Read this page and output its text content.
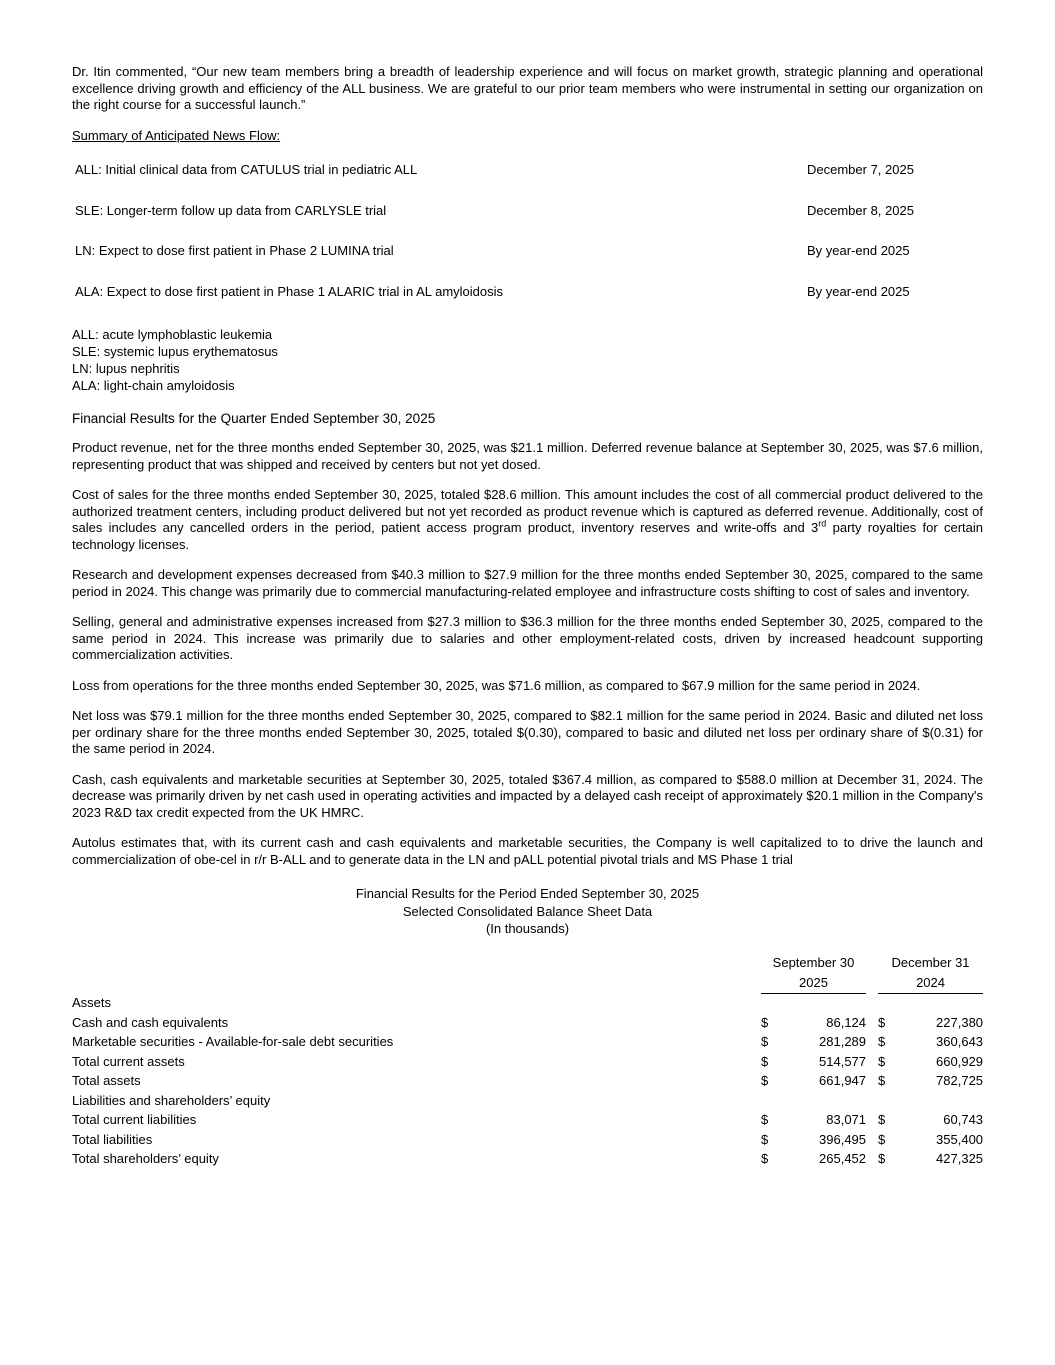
Dr. Itin commented, “Our new team members bring a breadth of leadership experience and will focus on market growth, strategic planning and operational excellence driving growth and efficiency of the ALL business. We are grateful to our prior team members who were instrumental in setting our organization on the right course for a successful launch.”

Summary of Anticipated News Flow:

ALL: Initial clinical data from CATULUS trial in pediatric ALL	December 7, 2025
SLE: Longer-term follow up data from CARLYSLE trial	December 8, 2025
LN: Expect to dose first patient in Phase 2 LUMINA trial	By year-end 2025
ALA: Expect to dose first patient in Phase 1 ALARIC trial in AL amyloidosis	By year-end 2025
ALL: acute lymphoblastic leukemia
SLE: systemic lupus erythematosus
LN: lupus nephritis
ALA: light-chain amyloidosis

Financial Results for the Quarter Ended September 30, 2025

Product revenue, net for the three months ended September 30, 2025, was $21.1 million. Deferred revenue balance at September 30, 2025, was $7.6 million, representing product that was shipped and received by centers but not yet dosed.

Cost of sales for the three months ended September 30, 2025, totaled $28.6 million. This amount includes the cost of all commercial product delivered to the authorized treatment centers, including product delivered but not yet recorded as product revenue which is captured as deferred revenue. Additionally, cost of sales includes any cancelled orders in the period, patient access program product, inventory reserves and write-offs and 3rd party royalties for certain technology licenses.

Research and development expenses decreased from $40.3 million to $27.9 million for the three months ended September 30, 2025, compared to the same period in 2024. This change was primarily due to commercial manufacturing-related employee and infrastructure costs shifting to cost of sales and inventory.

Selling, general and administrative expenses increased from $27.3 million to $36.3 million for the three months ended September 30, 2025, compared to the same period in 2024. This increase was primarily due to salaries and other employment-related costs, driven by increased headcount supporting commercialization activities.

Loss from operations for the three months ended September 30, 2025, was $71.6 million, as compared to $67.9 million for the same period in 2024.

Net loss was $79.1 million for the three months ended September 30, 2025, compared to $82.1 million for the same period in 2024. Basic and diluted net loss per ordinary share for the three months ended September 30, 2025, totaled $(0.30), compared to basic and diluted net loss per ordinary share of $(0.31) for the same period in 2024.

Cash, cash equivalents and marketable securities at September 30, 2025, totaled $367.4 million, as compared to $588.0 million at December 31, 2024. The decrease was primarily driven by net cash used in operating activities and impacted by a delayed cash receipt of approximately $20.1 million in the Company's 2023 R&D tax credit expected from the UK HMRC.

Autolus estimates that, with its current cash and cash equivalents and marketable securities, the Company is well capitalized to to drive the launch and commercialization of obe-cel in r/r B-ALL and to generate data in the LN and pALL potential pivotal trials and MS Phase 1 trial

Financial Results for the Period Ended September 30, 2025
Selected Consolidated Balance Sheet Data
(In thousands)
	September 30			December 31	
	2025			2024	
Assets					
Cash and cash equivalents	$	86,124		$	227,380
Marketable securities - Available-for-sale debt securities	$	281,289		$	360,643
Total current assets	$	514,577		$	660,929
Total assets	$	661,947		$	782,725
Liabilities and shareholders’ equity					
Total current liabilities	$	83,071		$	60,743
Total liabilities	$	396,495		$	355,400
Total shareholders’ equity	$	265,452		$	427,325
